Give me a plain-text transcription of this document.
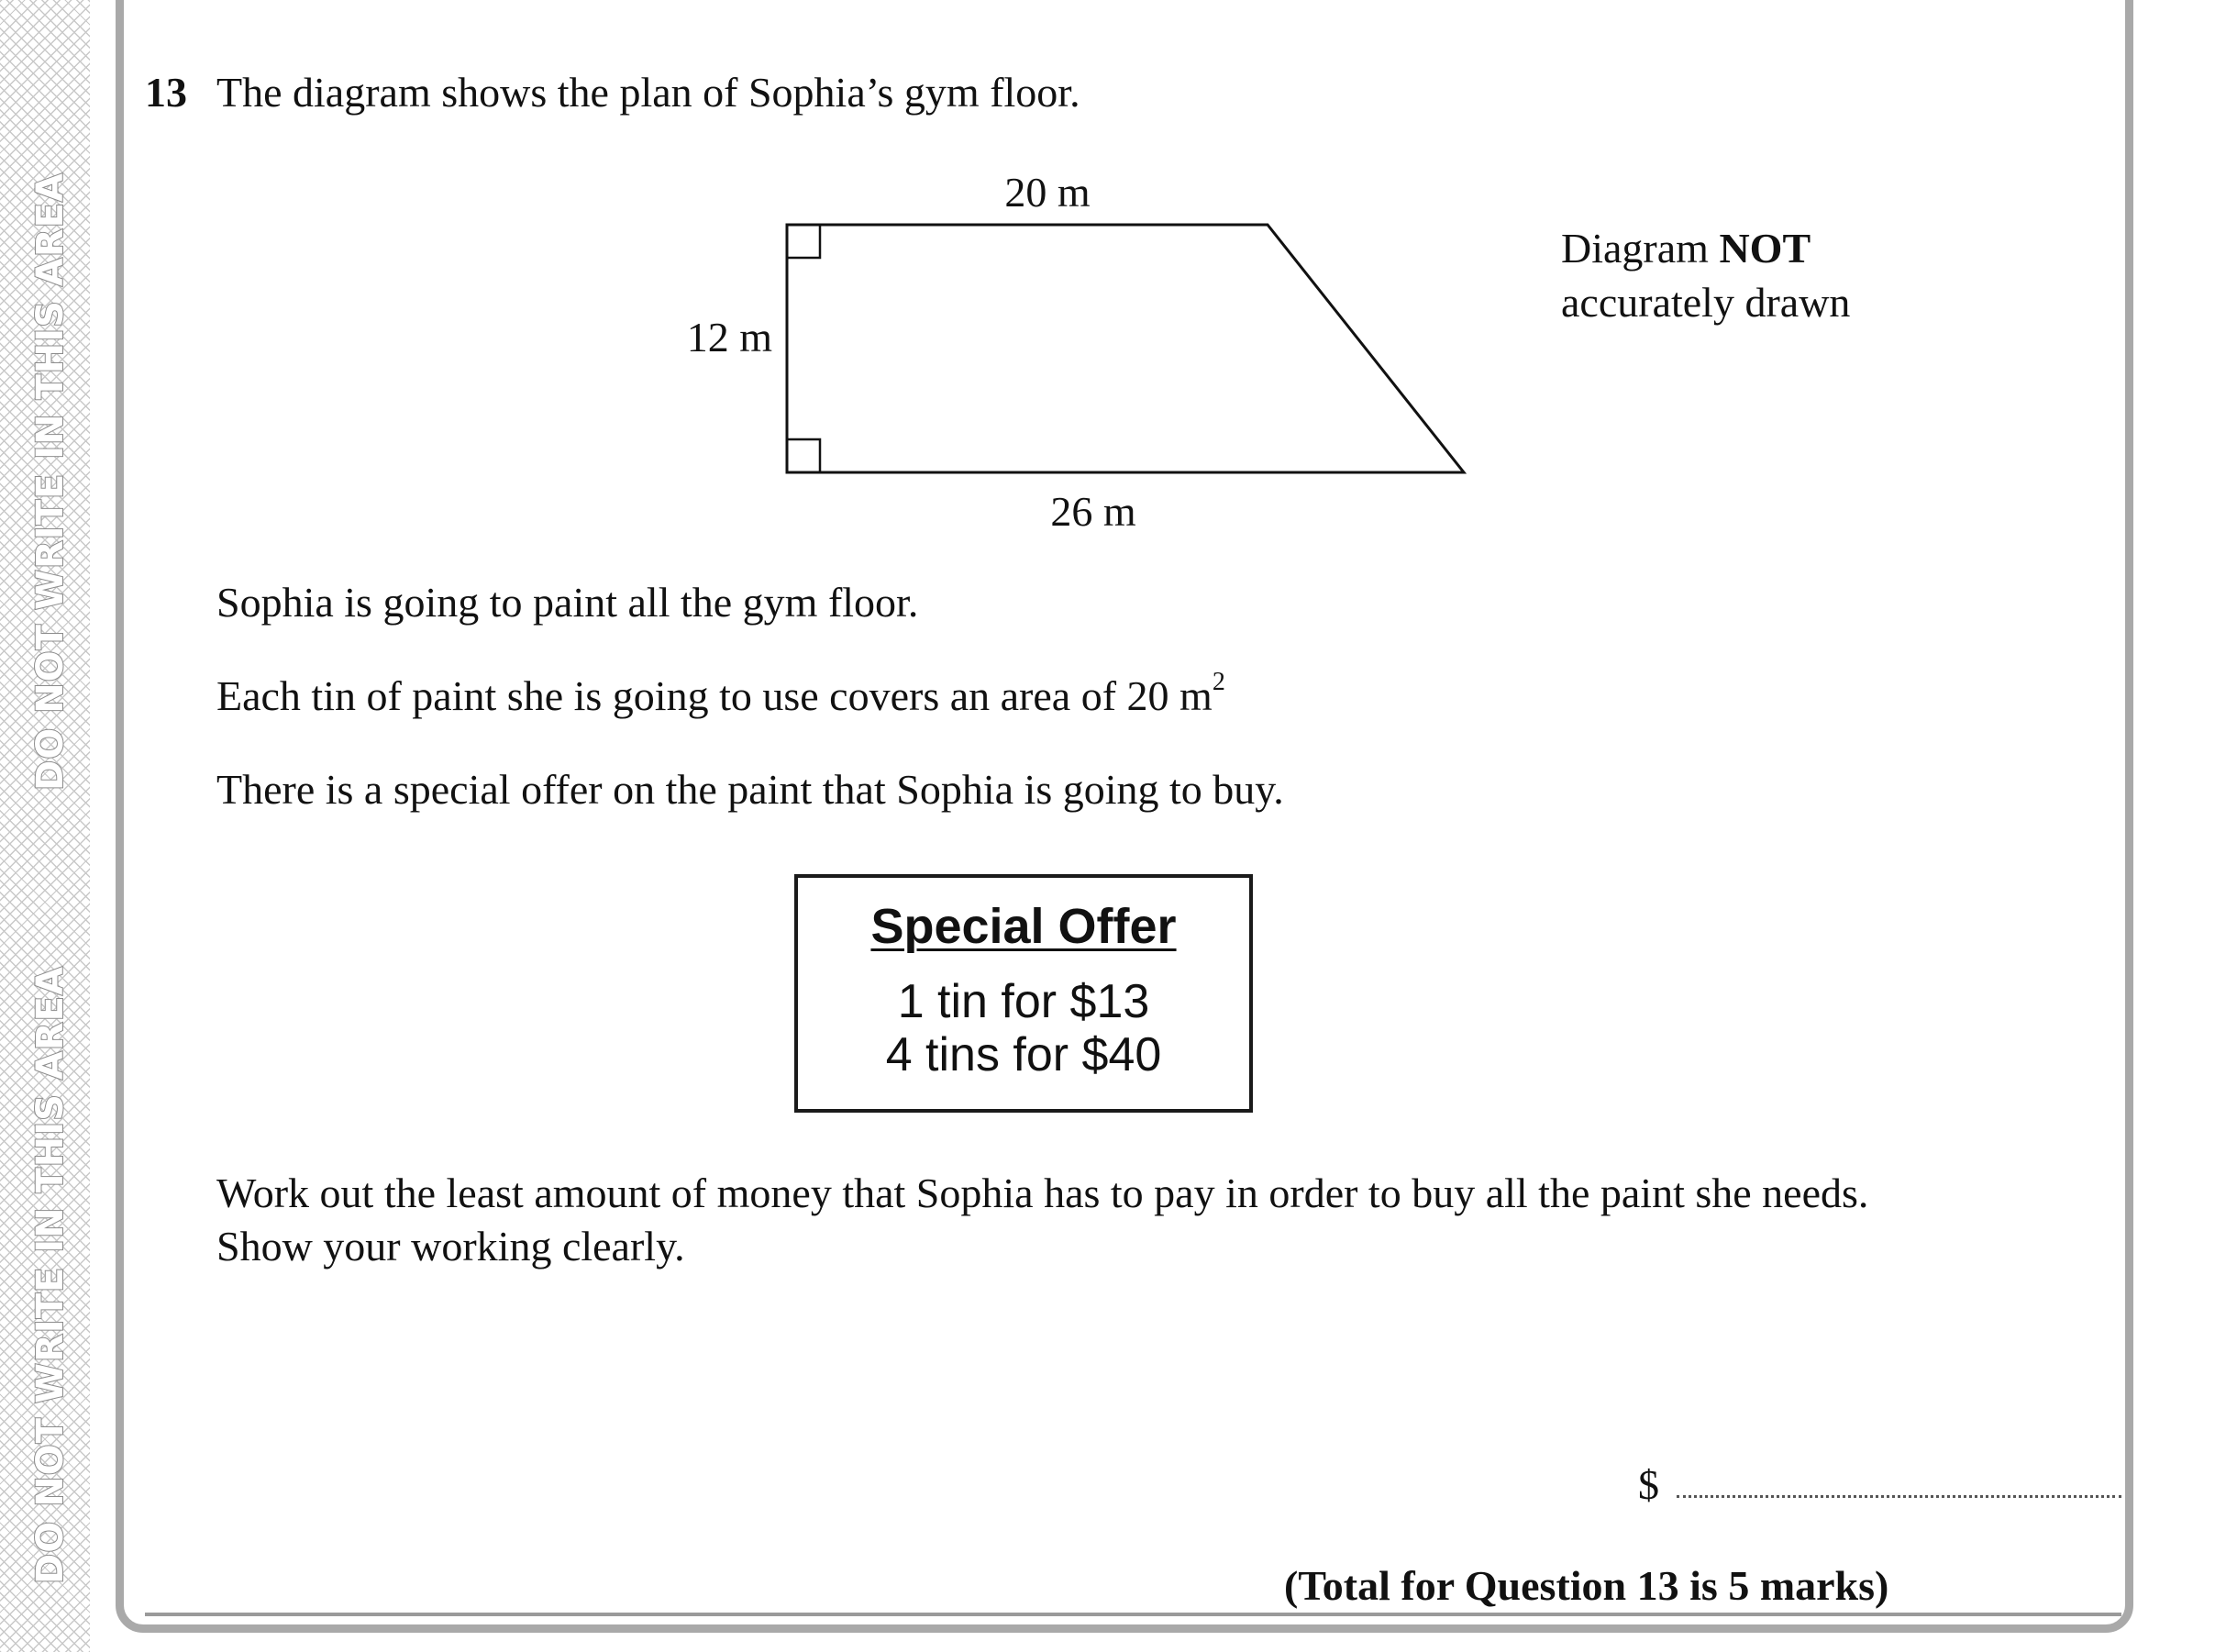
DO NOT WRITE IN THIS AREA
DO NOT WRITE IN THIS AREA
13 The diagram shows the plan of Sophia’s gym floor.
20 m
12 m
26 m
Diagram NOT
accurately drawn
Sophia is going to paint all the gym floor.
Each tin of paint she is going to use covers an area of 20 $m^2$
There is a special offer on the paint that Sophia is going to buy.
Special Offer
1 tin for $13
4 tins for $40
Work out the least amount of money that Sophia has to pay in order to buy all the paint she needs.
Show your working clearly.
$
(Total for Question 13 is 5 marks)
